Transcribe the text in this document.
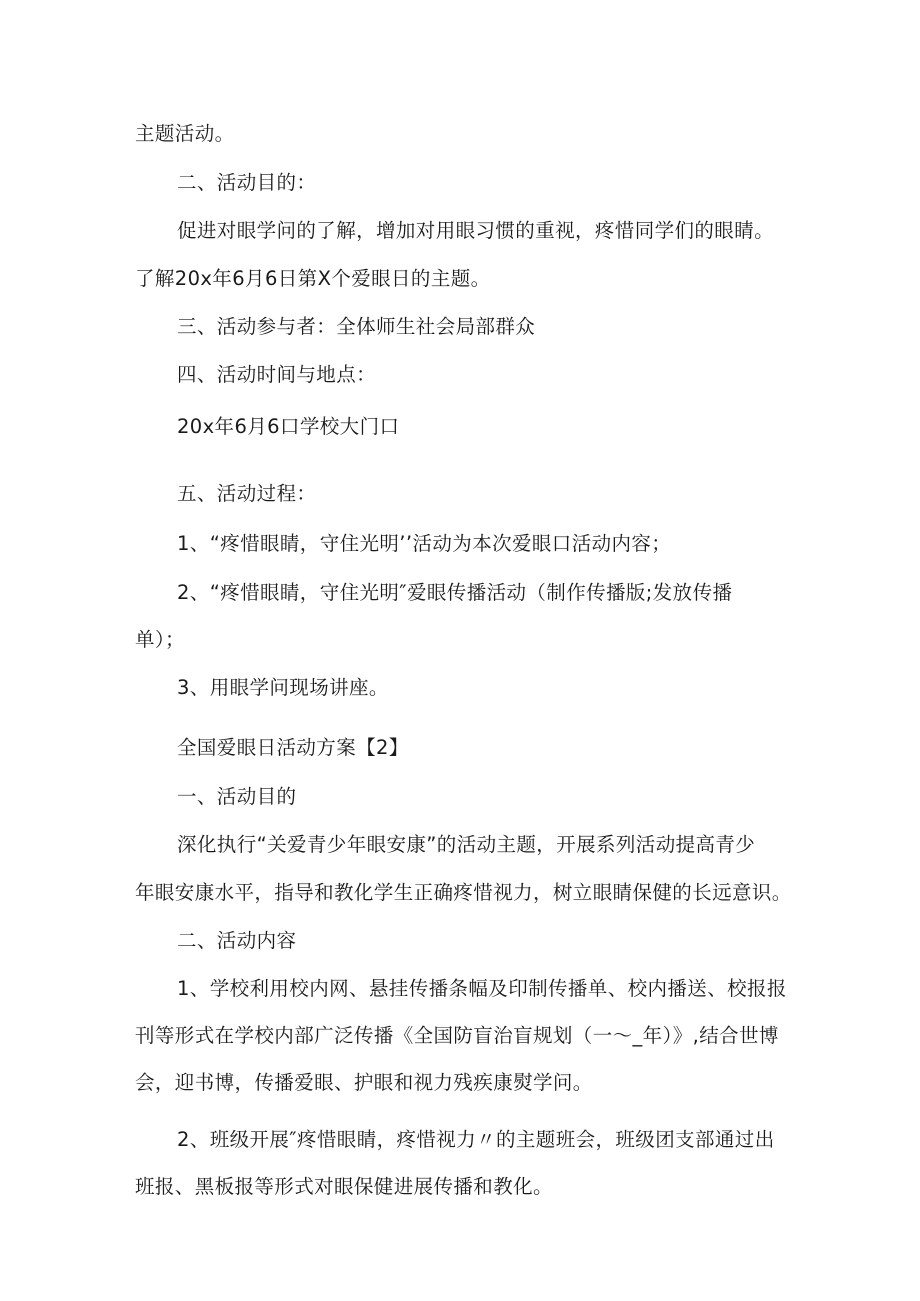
主题活动。
二、活动目的：
促进对眼学问的了解，增加对用眼习惯的重视，疼惜同学们的眼睛。
了解20x年6月6日第X个爱眼日的主题。
三、活动参与者：全体师生社会局部群众
四、活动时间与地点：
20x年6月6口学校大门口
五、活动过程：
1、“疼惜眼睛，守住光明’’活动为本次爱眼口活动内容；
2、“疼惜眼睛，守住光明″爱眼传播活动（制作传播版;发放传播
单）；
3、用眼学问现场讲座。
全国爱眼日活动方案【2】
一、活动目的
深化执行“关爱青少年眼安康”的活动主题，开展系列活动提高青少
年眼安康水平，指导和教化学生正确疼惜视力，树立眼睛保健的长远意识。
二、活动内容
1、学校利用校内网、悬挂传播条幅及印制传播单、校内播送、校报报
刊等形式在学校内部广泛传播《全国防盲治盲规划（一～_年）》,结合世博
会，迎书博，传播爱眼、护眼和视力残疾康熨学问。
2、班级开展″疼惜眼睛，疼惜视力〃的主题班会，班级团支部通过出
班报、黑板报等形式对眼保健进展传播和教化。
